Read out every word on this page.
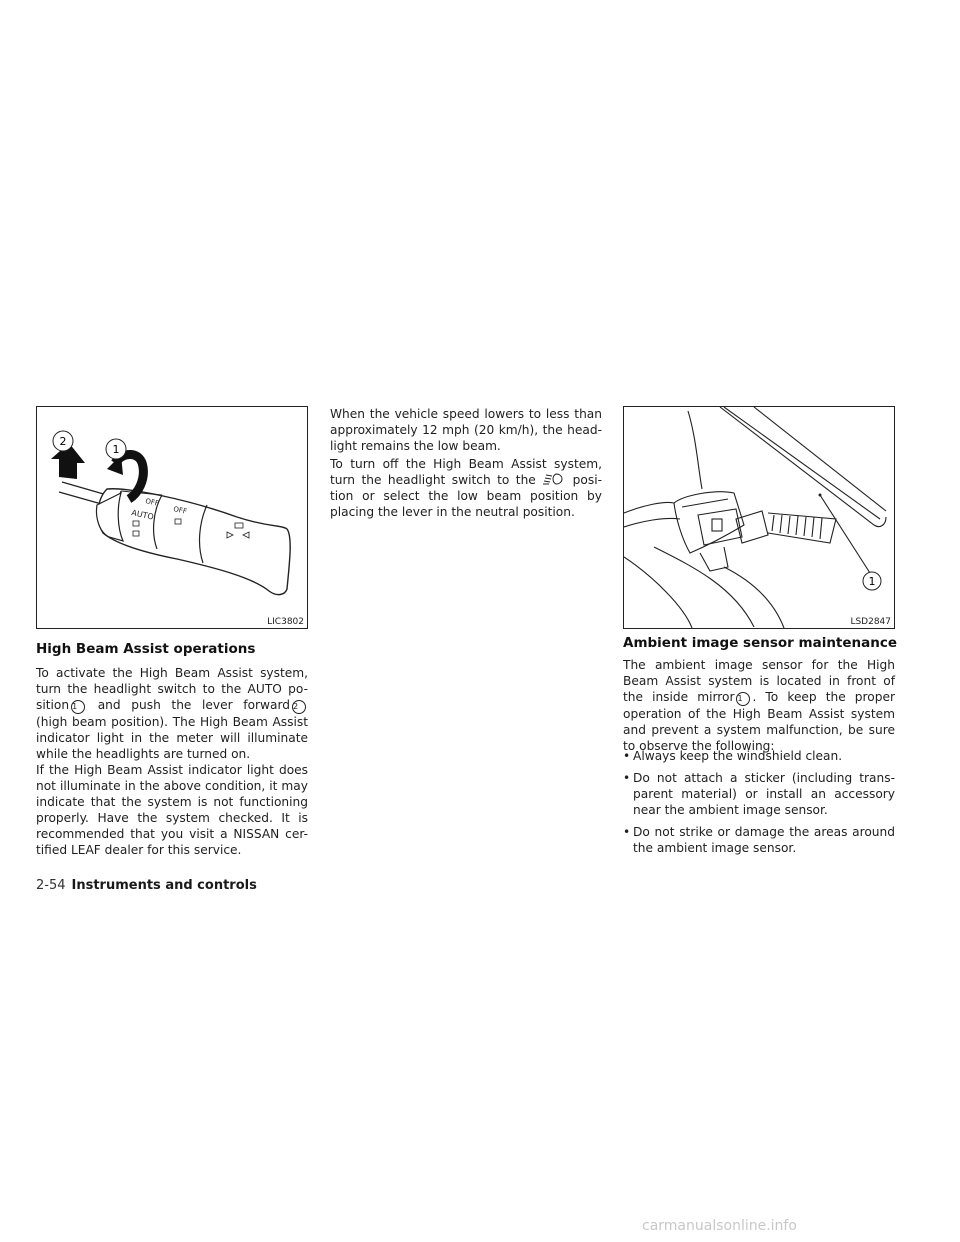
OFF
AUTO	OFF
2
1
LIC3802
1
LSD2847
High Beam Assist operations

To activate the High Beam Assist system, turn the headlight switch to the AUTO po-sition 1 and push the lever forward 2 (high beam position). The High Beam Assist indicator light in the meter will illuminate while the headlights are turned on.

If the High Beam Assist indicator light does not illuminate in the above condition, it may indicate that the system is not functioning properly. Have the system checked. It is recommended that you visit a NISSAN cer-tified LEAF dealer for this service.

When the vehicle speed lowers to less than approximately 12 mph (20 km/h), the head-light remains the low beam.

To turn off the High Beam Assist system, turn the headlight switch to the	posi-tion or select the low beam position by placing the lever in the neutral position.

Ambient image sensor maintenance

The ambient image sensor for the High Beam Assist system is located in front of the inside mirror 1 . To keep the proper operation of the High Beam Assist system and prevent a system malfunction, be sure to observe the following:

• Always keep the windshield clean.
• Do not attach a sticker (including trans-parent material) or install an accessory near the ambient image sensor.
• Do not strike or damage the areas around the ambient image sensor.
2-54 Instruments and controls
carmanualsonline.info
